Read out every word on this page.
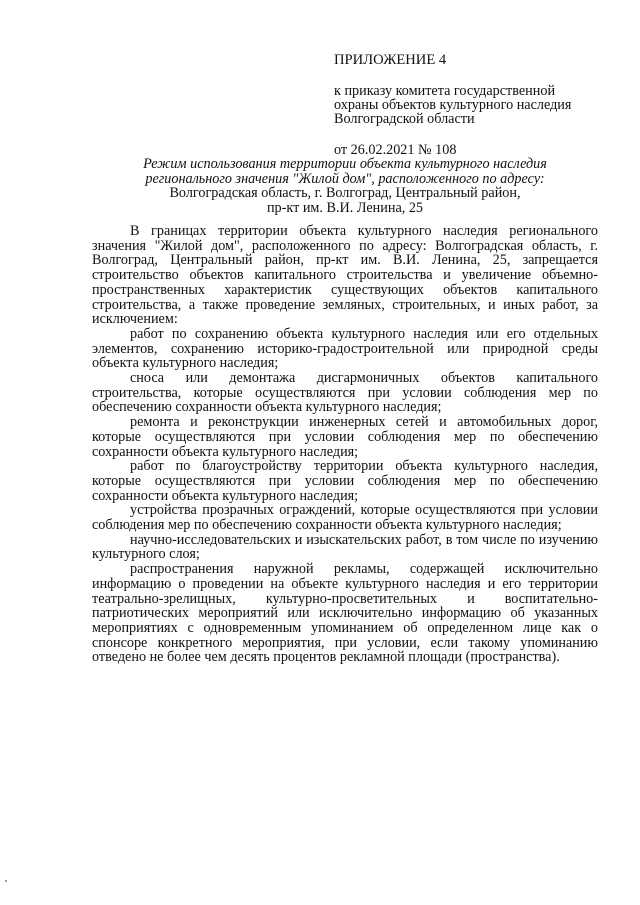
ПРИЛОЖЕНИЕ 4

к приказу комитета государственной

охраны объектов культурного наследия

Волгоградской области

от 26.02.2021 № 108
Режим использования территории объекта культурного наследия
регионального значения "Жилой дом", расположенного по адресу:
Волгоградская область, г. Волгоград, Центральный район,
пр-кт им. В.И. Ленина, 25

В границах территории объекта культурного наследия регионального значения "Жилой дом", расположенного по адресу: Волгоградская область, г. Волгоград, Центральный район, пр-кт им. В.И. Ленина, 25, запрещается строительство объектов капитального строительства и увеличение объемно-пространственных характеристик существующих объектов капитального строительства, а также проведение земляных, строительных, и иных работ, за исключением:

работ по сохранению объекта культурного наследия или его отдельных элементов, сохранению историко-градостроительной или природной среды объекта культурного наследия;

сноса или демонтажа дисгармоничных объектов капитального строительства, которые осуществляются при условии соблюдения мер по обеспечению сохранности объекта культурного наследия;

ремонта и реконструкции инженерных сетей и автомобильных дорог, которые осуществляются при условии соблюдения мер по обеспечению сохранности объекта культурного наследия;

работ по благоустройству территории объекта культурного наследия, которые осуществляются при условии соблюдения мер по обеспечению сохранности объекта культурного наследия;

устройства прозрачных ограждений, которые осуществляются при условии соблюдения мер по обеспечению сохранности объекта культурного наследия;

научно-исследовательских и изыскательских работ, в том числе по изучению культурного слоя;

распространения наружной рекламы, содержащей исключительно информацию о проведении на объекте культурного наследия и его территории театрально-зрелищных, культурно-просветительных и воспитательно-патриотических мероприятий или исключительно информацию об указанных мероприятиях с одновременным упоминанием об определенном лице как о спонсоре конкретного мероприятия, при условии, если такому упоминанию отведено не более чем десять процентов рекламной площади (пространства).
